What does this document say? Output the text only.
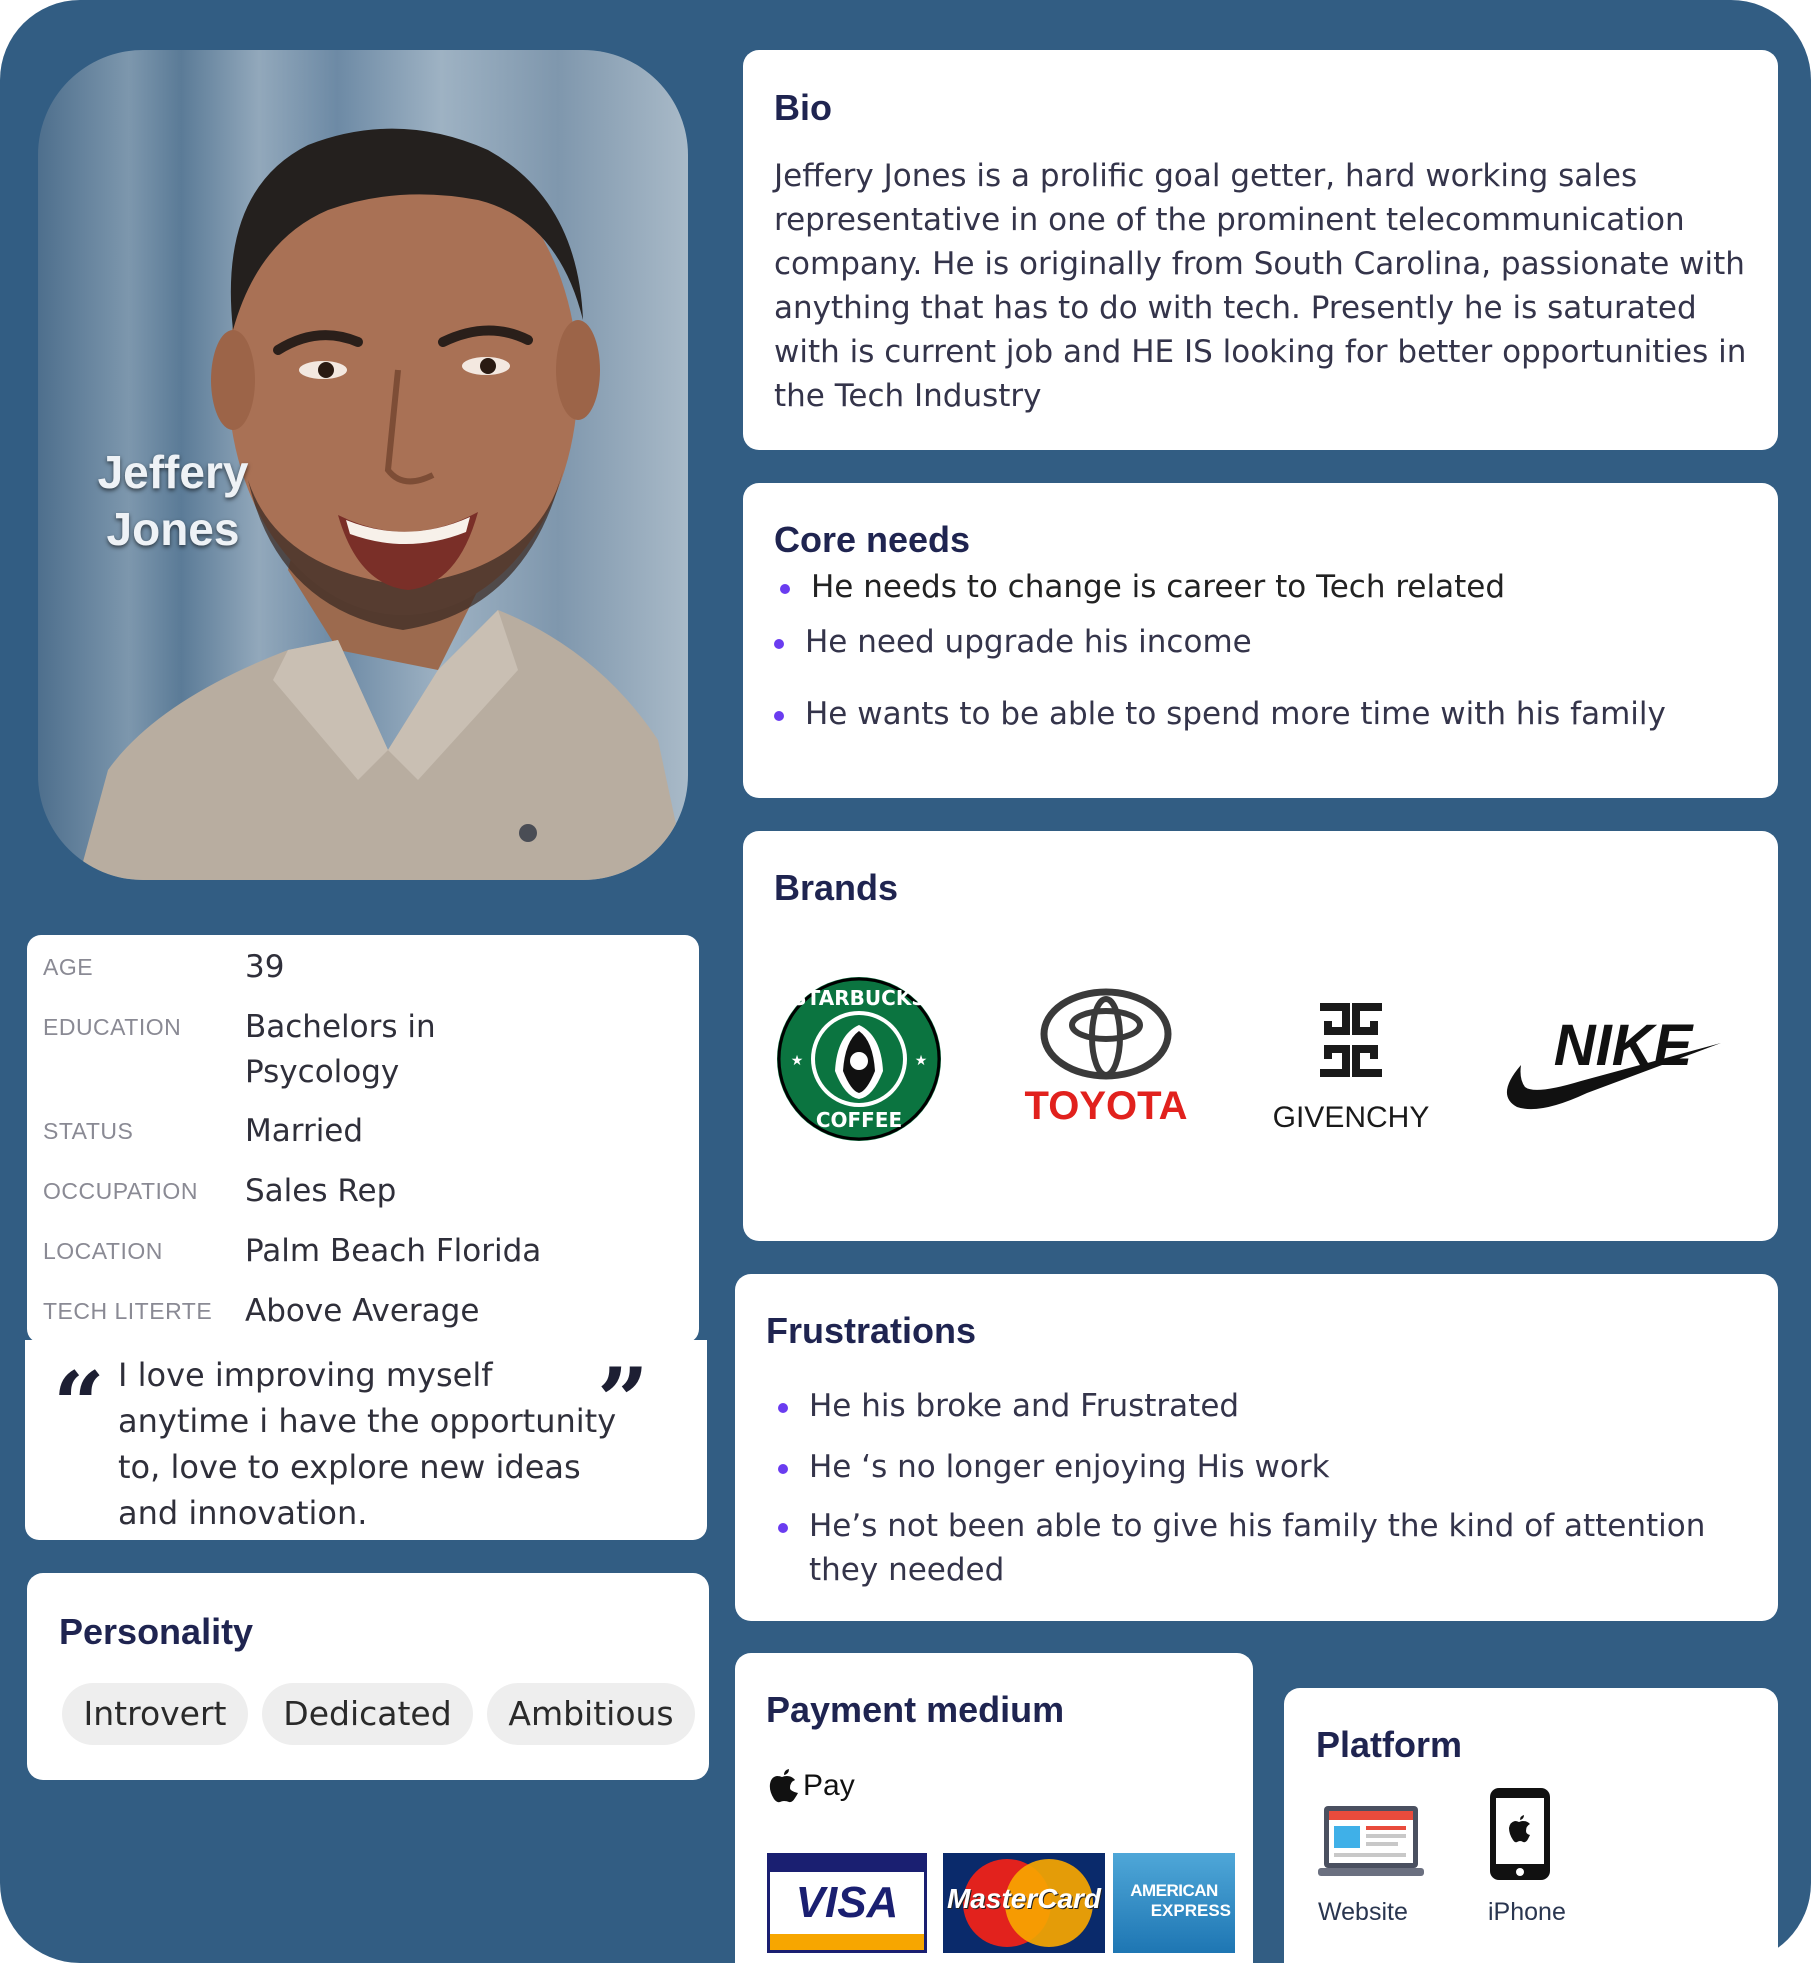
Jeffery
Jones
AGE	39
EDUCATION Bachelors in Psycology
STATUS	Married
OCCUPATION Sales Rep
LOCATION	Palm Beach Florida
TECH LITERTE Above Average
“ I love improving myself anytime i have the opportunity to, love to explore new ideas and innovation.
”
Personality
Introvert	Dedicated	Ambitious
Bio
Jeffery Jones is a prolific goal getter, hard working sales representative in one of the prominent telecommunication company. He is originally from South Carolina, passionate with anything that has to do with tech. Presently he is saturated with is current job and HE IS looking for better opportunities in the Tech Industry
Core needs
He needs to change is career to Tech related
He need upgrade his income
He wants to be able to spend more time with his family
Brands
STARBUCKS
COFFEE
★	★
TOYOTA	GIVENCHY
NIKE
Frustrations
He his broke and Frustrated
He ‘s no longer enjoying His work
He’s not been able to give his family the kind of attention they needed
Payment medium
Pay
VISA	MasterCard	AMERICAN
EXPRESS
Platform
Website	iPhone
